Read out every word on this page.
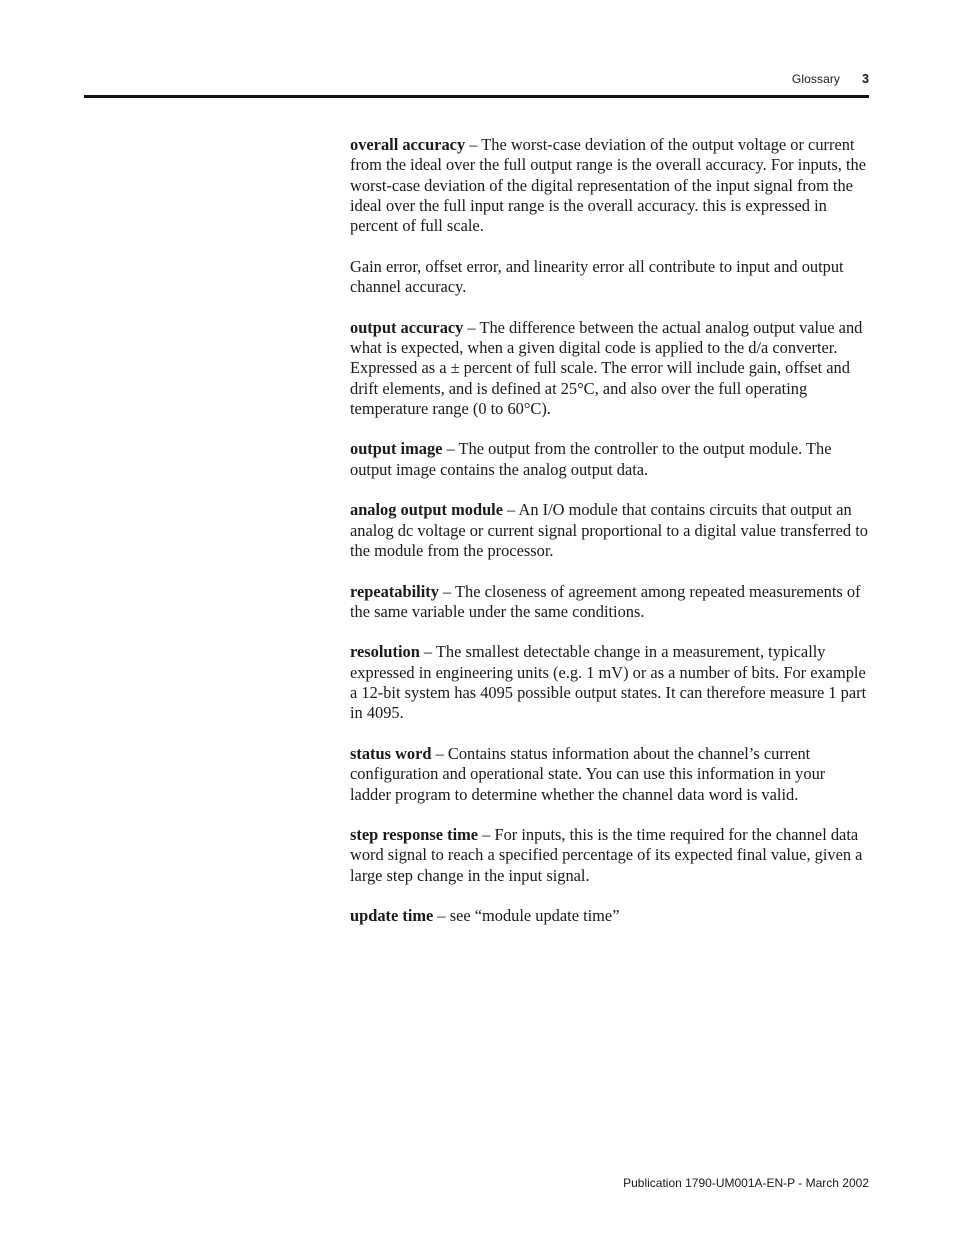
Glossary 3

overall accuracy – The worst-case deviation of the output voltage or current from the ideal over the full output range is the overall accuracy. For inputs, the worst-case deviation of the digital representation of the input signal from the ideal over the full input range is the overall accuracy. this is expressed in percent of full scale.

Gain error, offset error, and linearity error all contribute to input and output channel accuracy.

output accuracy – The difference between the actual analog output value and what is expected, when a given digital code is applied to the d/a converter. Expressed as a ± percent of full scale. The error will include gain, offset and drift elements, and is defined at 25°C, and also over the full operating temperature range (0 to 60°C).

output image – The output from the controller to the output module. The output image contains the analog output data.

analog output module – An I/O module that contains circuits that output an analog dc voltage or current signal proportional to a digital value transferred to the module from the processor.

repeatability – The closeness of agreement among repeated measurements of the same variable under the same conditions.

resolution – The smallest detectable change in a measurement, typically expressed in engineering units (e.g. 1 mV) or as a number of bits. For example a 12-bit system has 4095 possible output states. It can therefore measure 1 part in 4095.

status word – Contains status information about the channel’s current configuration and operational state. You can use this information in your ladder program to determine whether the channel data word is valid.

step response time – For inputs, this is the time required for the channel data word signal to reach a specified percentage of its expected final value, given a large step change in the input signal.

update time – see “module update time”

Publication 1790-UM001A-EN-P - March 2002
